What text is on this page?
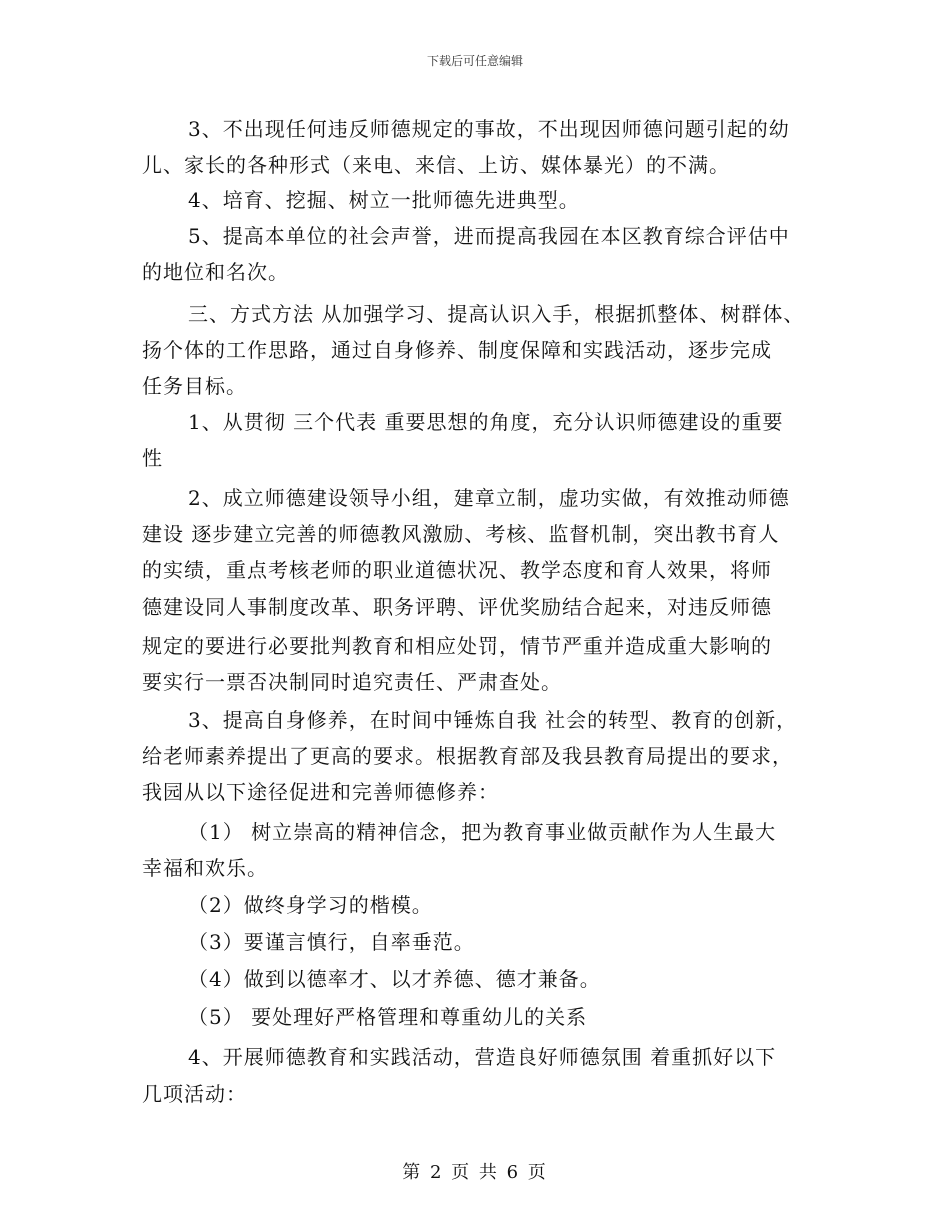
下载后可任意编辑
3、不出现任何违反师德规定的事故，不出现因师德问题引起的幼
儿、家长的各种形式（来电、来信、上访、媒体暴光）的不满。
4、培育、挖掘、树立一批师德先进典型。
5、提高本单位的社会声誉，进而提高我园在本区教育综合评估中
的地位和名次。
三、方式方法 从加强学习、提高认识入手，根据抓整体、树群体、
扬个体的工作思路，通过自身修养、制度保障和实践活动，逐步完成
任务目标。
1、从贯彻 三个代表 重要思想的角度，充分认识师德建设的重要
性
2、成立师德建设领导小组，建章立制，虚功实做，有效推动师德
建设 逐步建立完善的师德教风激励、考核、监督机制，突出教书育人
的实绩，重点考核老师的职业道德状况、教学态度和育人效果，将师
德建设同人事制度改革、职务评聘、评优奖励结合起来，对违反师德
规定的要进行必要批判教育和相应处罚，情节严重并造成重大影响的
要实行一票否决制同时追究责任、严肃查处。
3、提高自身修养，在时间中锤炼自我 社会的转型、教育的创新，
给老师素养提出了更高的要求。根据教育部及我县教育局提出的要求，
我园从以下途径促进和完善师德修养：
（1） 树立崇高的精神信念，把为教育事业做贡献作为人生最大
幸福和欢乐。
（2）做终身学习的楷模。
（3）要谨言慎行，自率垂范。
（4）做到以德率才、以才养德、德才兼备。
（5） 要处理好严格管理和尊重幼儿的关系
4、开展师德教育和实践活动，营造良好师德氛围 着重抓好以下
几项活动：
第 2 页 共 6 页
